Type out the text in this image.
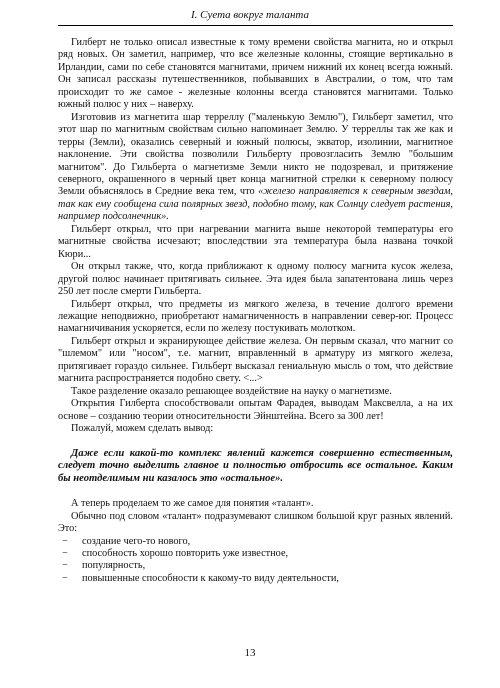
I. Суета вокруг таланта

Гилберт не только описал известные к тому времени свойства магнита, но и открыл ряд новых. Он заметил, например, что все железные колонны, стоящие вертикально в Ирландии, сами по себе становятся магнитами, причем нижний их конец всегда южный. Он записал рассказы путешественников, побывавших в Австралии, о том, что там происходит то же самое - железные колонны всегда становятся магнитами. Только южный полюс у них – наверху.

Изготовив из магнетита шар терреллу ("маленькую Землю"), Гильберт заметил, что этот шар по магнитным свойствам сильно напоминает Землю. У терреллы так же как и терры (Земли), оказались северный и южный полюсы, экватор, изолинии, магнитное наклонение. Эти свойства позволили Гильберту провозгласить Землю "большим магнитом". До Гильберта о магнетизме Земли никто не подозревал, и притяжение северного, окрашенного в черный цвет конца магнитной стрелки к северному полюсу Земли объяснялось в Средние века тем, что «железо направляется к северным звездам, так как ему сообщена сила полярных звезд, подобно тому, как Солнцу следует растения, например подсолнечник».

Гильберт открыл, что при нагревании магнита выше некоторой температуры его магнитные свойства исчезают; впоследствии эта температура была названа точкой Кюри...

Он открыл также, что, когда приближают к одному полюсу магнита кусок железа, другой полюс начинает притягивать сильнее. Эта идея была запатентована лишь через 250 лет после смерти Гильберта.

Гильберт открыл, что предметы из мягкого железа, в течение долгого времени лежащие неподвижно, приобретают намагниченность в направлении север-юг. Процесс намагничивания ускоряется, если по железу постукивать молотком.

Гильберт открыл и экранирующее действие железа. Он первым сказал, что магнит со "шлемом" или "носом", т.е. магнит, вправленный в арматуру из мягкого железа, притягивает гораздо сильнее. Гильберт высказал гениальную мысль о том, что действие магнита распространяется подобно свету. <...>

Такое разделение оказало решающее воздействие на науку о магнетизме.

Открытия Гилберта способствовали опытам Фарадея, выводам Максвелла, а на их основе – созданию теории относительности Эйнштейна. Всего за 300 лет!

Пожалуй, можем сделать вывод:

Даже если какой-то комплекс явлений кажется совершенно естественным, следует точно выделить главное и полностью отбросить все остальное. Каким бы неотделимым ни казалось это «остальное».

А теперь проделаем то же самое для понятия «талант».

Обычно под словом «талант» подразумевают слишком большой круг разных явлений. Это:

− создание чего-то нового,
− способность хорошо повторить уже известное,
− популярность,
− повышенные способности к какому-то виду деятельности,
13
